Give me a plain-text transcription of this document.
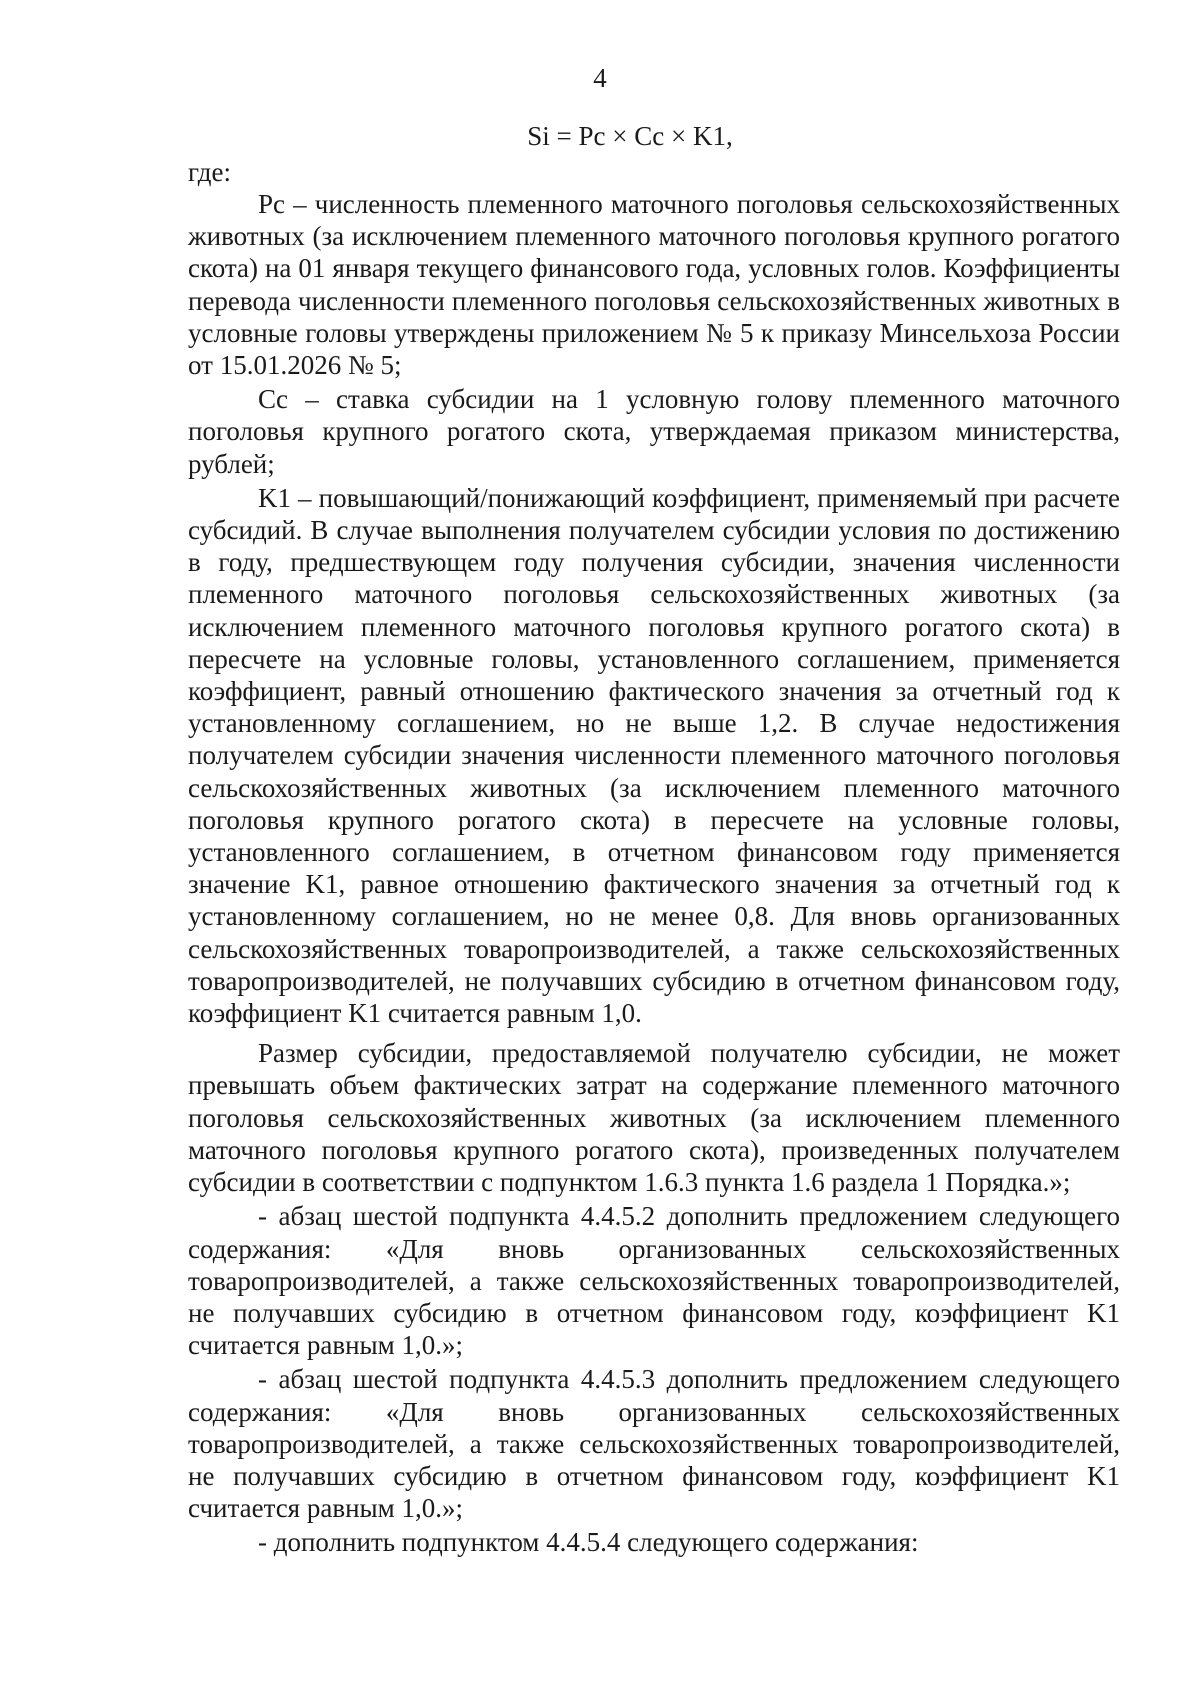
4
Si = Pc × Cc × K1,
где:

Pc – численность племенного маточного поголовья сельскохозяйственных животных (за исключением племенного маточного поголовья крупного рогатого скота) на 01 января текущего финансового года, условных голов. Коэффициенты перевода численности племенного поголовья сельскохозяйственных животных в условные головы утверждены приложением № 5 к приказу Минсельхоза России от 15.01.2026 № 5;

Cc – ставка субсидии на 1 условную голову племенного маточного поголовья крупного рогатого скота, утверждаемая приказом министерства, рублей;

K1 – повышающий/понижающий коэффициент, применяемый при расчете субсидий. В случае выполнения получателем субсидии условия по достижению в году, предшествующем году получения субсидии, значения численности племенного маточного поголовья сельскохозяйственных животных (за исключением племенного маточного поголовья крупного рогатого скота) в пересчете на условные головы, установленного соглашением, применяется коэффициент, равный отношению фактического значения за отчетный год к установленному соглашением, но не выше 1,2. В случае недостижения получателем субсидии значения численности племенного маточного поголовья сельскохозяйственных животных (за исключением племенного маточного поголовья крупного рогатого скота) в пересчете на условные головы, установленного соглашением, в отчетном финансовом году применяется значение K1, равное отношению фактического значения за отчетный год к установленному соглашением, но не менее 0,8. Для вновь организованных сельскохозяйственных товаропроизводителей, а также сельскохозяйственных товаропроизводителей, не получавших субсидию в отчетном финансовом году, коэффициент K1 считается равным 1,0.

Размер субсидии, предоставляемой получателю субсидии, не может превышать объем фактических затрат на содержание племенного маточного поголовья сельскохозяйственных животных (за исключением племенного маточного поголовья крупного рогатого скота), произведенных получателем субсидии в соответствии с подпунктом 1.6.3 пункта 1.6 раздела 1 Порядка.»;

- абзац шестой подпункта 4.4.5.2 дополнить предложением следующего содержания: «Для вновь организованных сельскохозяйственных товаропроизводителей, а также сельскохозяйственных товаропроизводителей, не получавших субсидию в отчетном финансовом году, коэффициент K1 считается равным 1,0.»;

- абзац шестой подпункта 4.4.5.3 дополнить предложением следующего содержания: «Для вновь организованных сельскохозяйственных товаропроизводителей, а также сельскохозяйственных товаропроизводителей, не получавших субсидию в отчетном финансовом году, коэффициент K1 считается равным 1,0.»;

- дополнить подпунктом 4.4.5.4 следующего содержания:
